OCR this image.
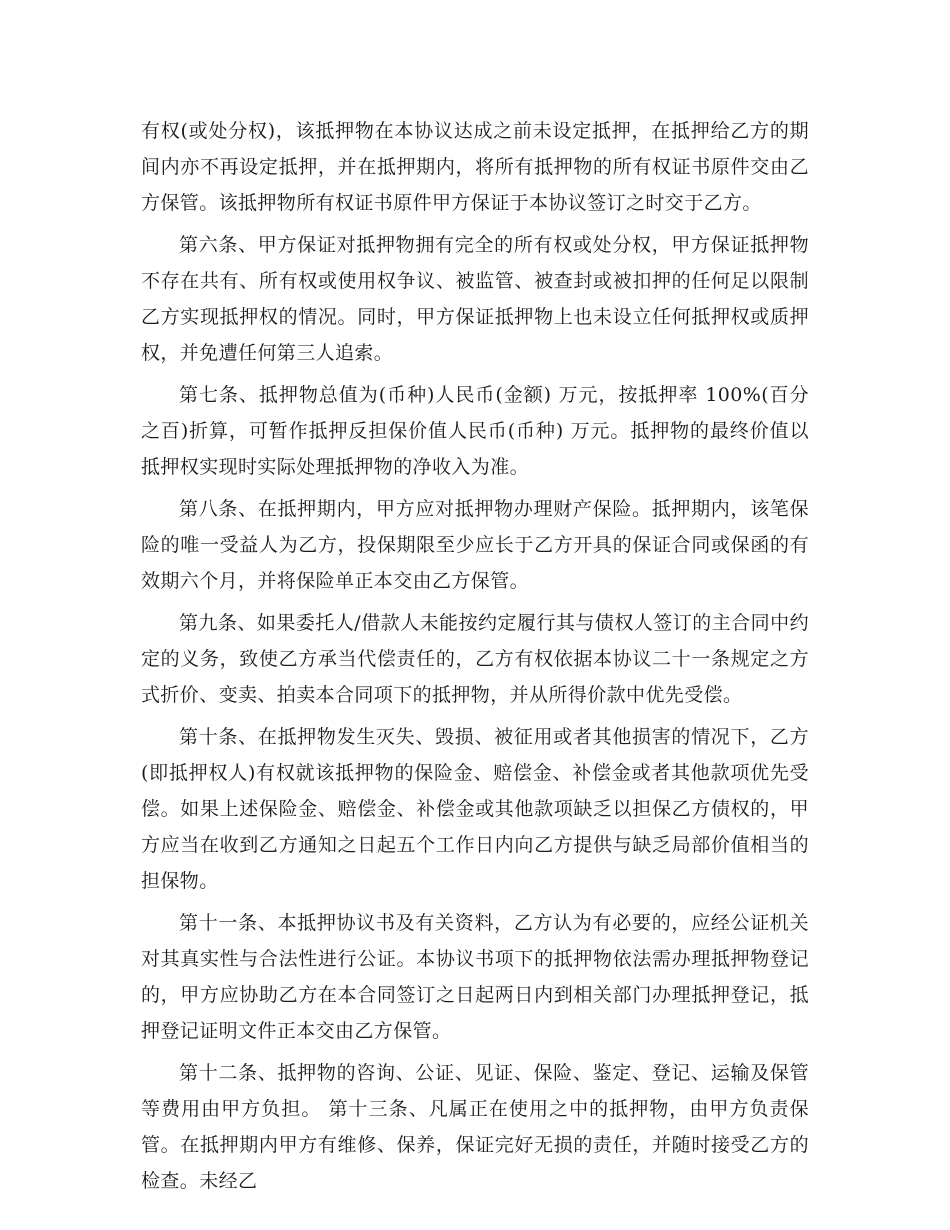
有权(或处分权)，该抵押物在本协议达成之前未设定抵押，在抵押给乙方的期间内亦不再设定抵押，并在抵押期内，将所有抵押物的所有权证书原件交由乙方保管。该抵押物所有权证书原件甲方保证于本协议签订之时交于乙方。

第六条、甲方保证对抵押物拥有完全的所有权或处分权，甲方保证抵押物不存在共有、所有权或使用权争议、被监管、被查封或被扣押的任何足以限制乙方实现抵押权的情况。同时，甲方保证抵押物上也未设立任何抵押权或质押权，并免遭任何第三人追索。

第七条、抵押物总值为(币种)人民币(金额) 万元，按抵押率 100%(百分之百)折算，可暂作抵押反担保价值人民币(币种) 万元。抵押物的最终价值以抵押权实现时实际处理抵押物的净收入为准。

第八条、在抵押期内，甲方应对抵押物办理财产保险。抵押期内，该笔保险的唯一受益人为乙方，投保期限至少应长于乙方开具的保证合同或保函的有效期六个月，并将保险单正本交由乙方保管。

第九条、如果委托人/借款人未能按约定履行其与债权人签订的主合同中约定的义务，致使乙方承当代偿责任的，乙方有权依据本协议二十一条规定之方式折价、变卖、拍卖本合同项下的抵押物，并从所得价款中优先受偿。

第十条、在抵押物发生灭失、毁损、被征用或者其他损害的情况下，乙方(即抵押权人)有权就该抵押物的保险金、赔偿金、补偿金或者其他款项优先受偿。如果上述保险金、赔偿金、补偿金或其他款项缺乏以担保乙方债权的，甲方应当在收到乙方通知之日起五个工作日内向乙方提供与缺乏局部价值相当的担保物。

第十一条、本抵押协议书及有关资料，乙方认为有必要的，应经公证机关对其真实性与合法性进行公证。本协议书项下的抵押物依法需办理抵押物登记的，甲方应协助乙方在本合同签订之日起两日内到相关部门办理抵押登记，抵押登记证明文件正本交由乙方保管。

第十二条、抵押物的咨询、公证、见证、保险、鉴定、登记、运输及保管等费用由甲方负担。 第十三条、凡属正在使用之中的抵押物，由甲方负责保管。在抵押期内甲方有维修、保养，保证完好无损的责任，并随时接受乙方的检查。未经乙
